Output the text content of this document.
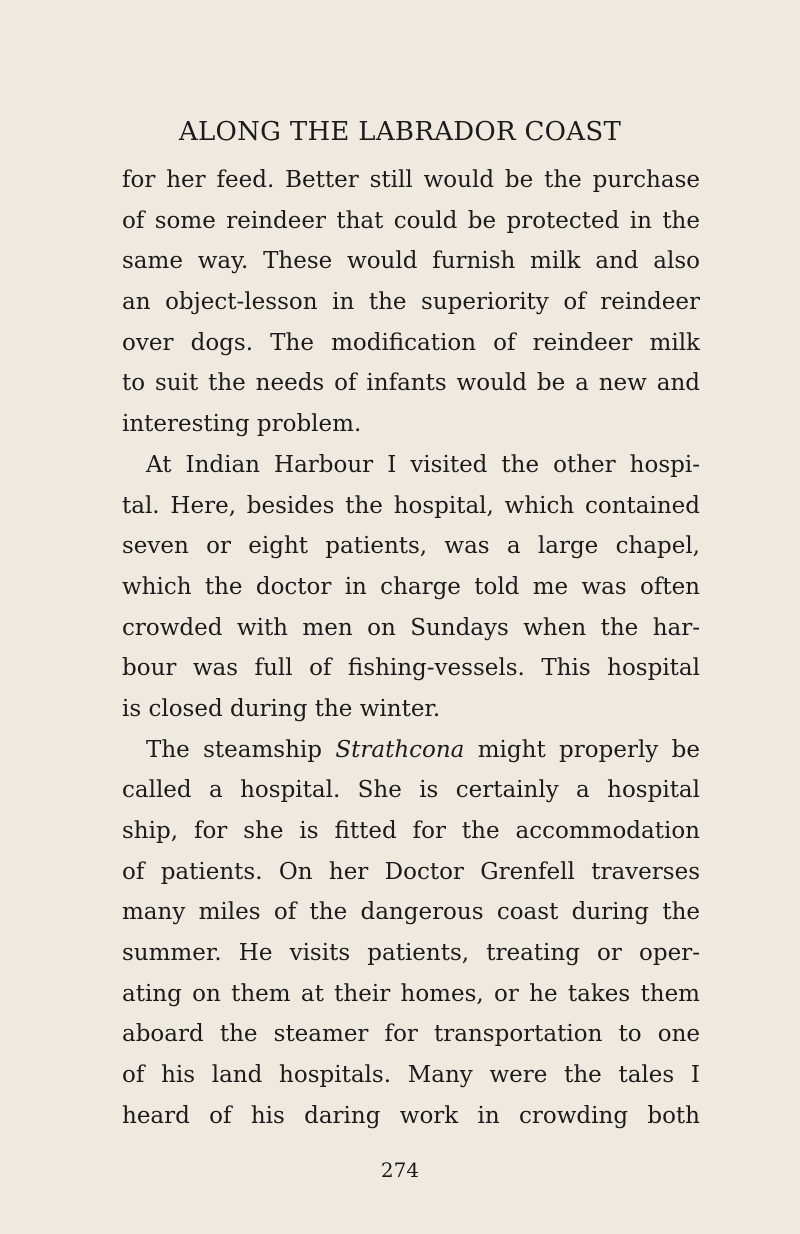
ALONG THE LABRADOR COAST
for her feed. Better still would be the purchase
of some reindeer that could be protected in the
same way. These would furnish milk and also
an object-lesson in the superiority of reindeer
over dogs. The modification of reindeer milk
to suit the needs of infants would be a new and
interesting problem.
At Indian Harbour I visited the other hospi-
tal. Here, besides the hospital, which contained
seven or eight patients, was a large chapel,
which the doctor in charge told me was often
crowded with men on Sundays when the har-
bour was full of fishing-vessels. This hospital
is closed during the winter.
The steamship Strathcona might properly be
called a hospital. She is certainly a hospital
ship, for she is fitted for the accommodation
of patients. On her Doctor Grenfell traverses
many miles of the dangerous coast during the
summer. He visits patients, treating or oper-
ating on them at their homes, or he takes them
aboard the steamer for transportation to one
of his land hospitals. Many were the tales I
heard of his daring work in crowding both
274
